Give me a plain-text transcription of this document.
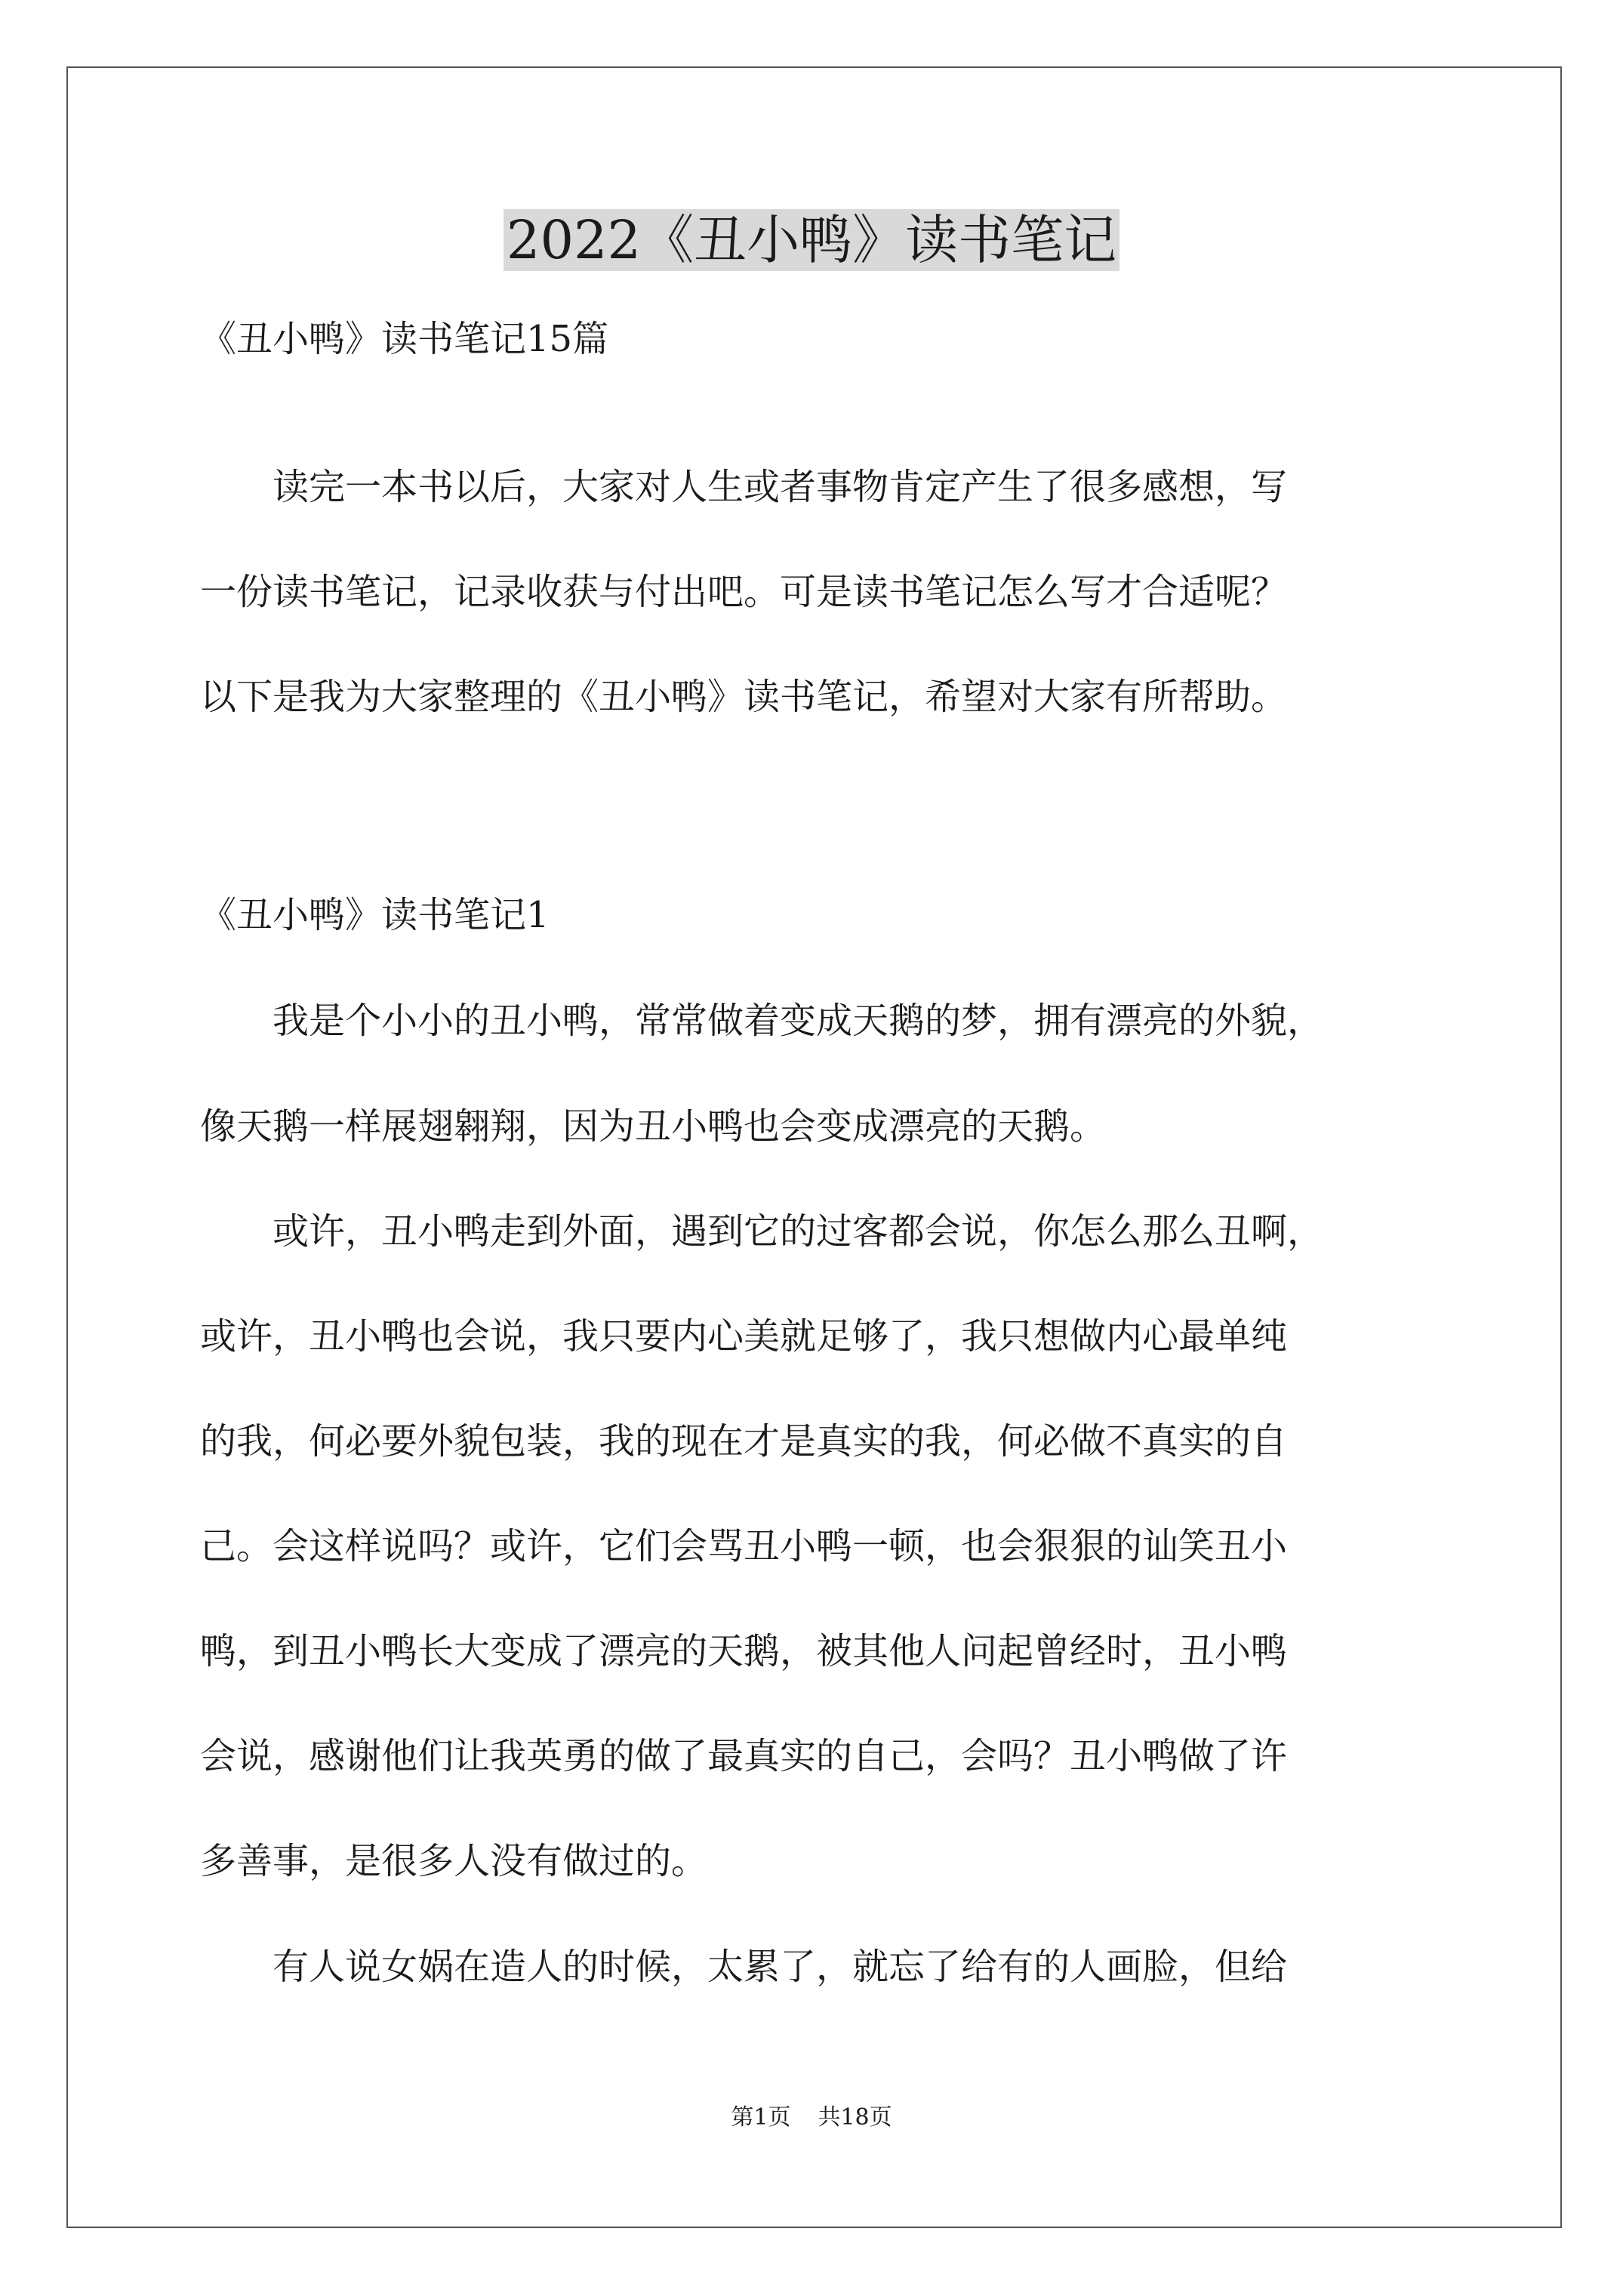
2022《丑小鸭》读书笔记
《丑小鸭》读书笔记15篇
　　读完一本书以后，大家对人生或者事物肯定产生了很多感想，写
一份读书笔记，记录收获与付出吧。可是读书笔记怎么写才合适呢？
以下是我为大家整理的《丑小鸭》读书笔记，希望对大家有所帮助。
《丑小鸭》读书笔记1
　　我是个小小的丑小鸭，常常做着变成天鹅的梦，拥有漂亮的外貌，
像天鹅一样展翅翱翔，因为丑小鸭也会变成漂亮的天鹅。
　　或许，丑小鸭走到外面，遇到它的过客都会说，你怎么那么丑啊，
或许，丑小鸭也会说，我只要内心美就足够了，我只想做内心最单纯
的我，何必要外貌包装，我的现在才是真实的我，何必做不真实的自
己。会这样说吗？或许，它们会骂丑小鸭一顿，也会狠狠的讪笑丑小
鸭，到丑小鸭长大变成了漂亮的天鹅，被其他人问起曾经时，丑小鸭
会说，感谢他们让我英勇的做了最真实的自己，会吗？丑小鸭做了许
多善事，是很多人没有做过的。
　　有人说女娲在造人的时候，太累了，就忘了给有的人画脸，但给
第1页 共18页
